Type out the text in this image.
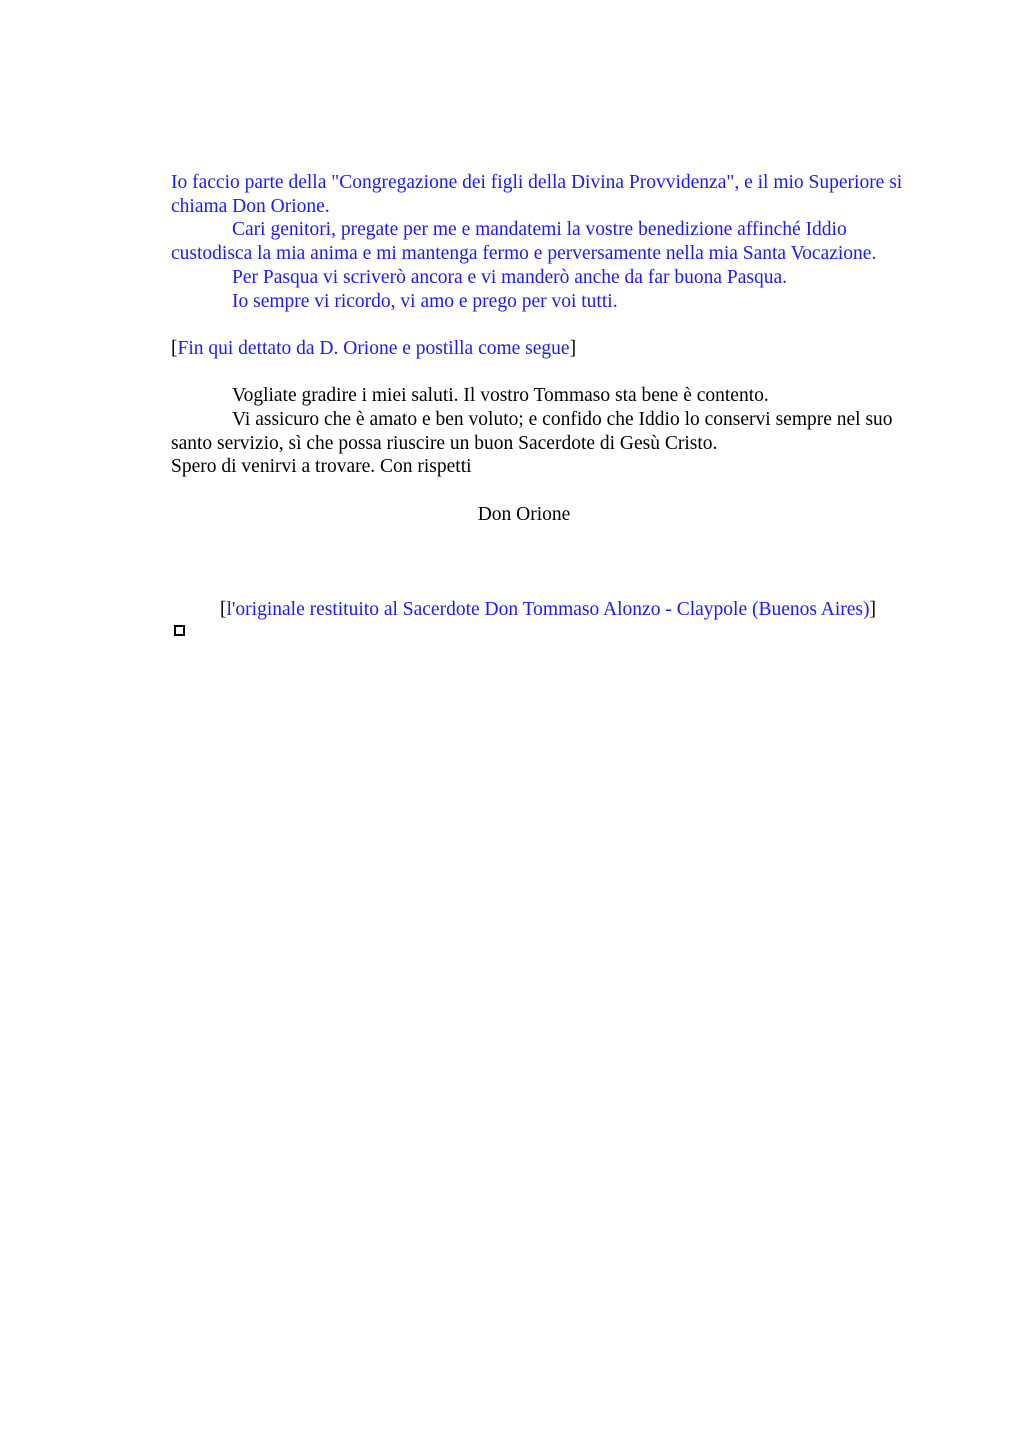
Io faccio parte della "Congregazione dei figli della Divina Provvidenza", e il mio Superiore si chiama Don Orione.

Cari genitori, pregate per me e mandatemi la vostre benedizione affinché Iddio custodisca la mia anima e mi mantenga fermo e perversamente nella mia Santa Vocazione.

Per Pasqua vi scriverò ancora e vi manderò anche da far buona Pasqua.

Io sempre vi ricordo, vi amo e prego per voi tutti.

[Fin qui dettato da D. Orione e postilla come segue]

Vogliate gradire i miei saluti. Il vostro Tommaso sta bene è contento.

Vi assicuro che è amato e ben voluto; e confido che Iddio lo conservi sempre nel suo santo servizio, sì che possa riuscire un buon Sacerdote di Gesù Cristo.

Spero di venirvi a trovare. Con rispetti

Don Orione

[l'originale restituito al Sacerdote Don Tommaso Alonzo - Claypole (Buenos Aires)]
